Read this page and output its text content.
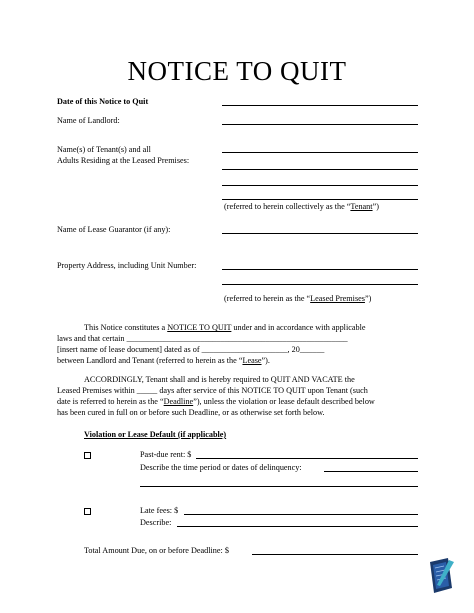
NOTICE TO QUIT
Date of this Notice to Quit
Name of Landlord:
Name(s) of Tenant(s) and all
Adults Residing at the Leased Premises:
(referred to herein collectively as the “Tenant”)
Name of Lease Guarantor (if any):
Property Address, including Unit Number:
(referred to herein as the “Leased Premises”)
This Notice constitutes a NOTICE TO QUIT under and in accordance with applicable
laws and that certain ______________________________________________________
[insert name of lease document] dated as of _____________________, 20______
between Landlord and Tenant (referred to herein as the “Lease”).
ACCORDINGLY, Tenant shall and is hereby required to QUIT AND VACATE the
Leased Premises within _____ days after service of this NOTICE TO QUIT upon Tenant (such
date is referred to herein as the “Deadline”), unless the violation or lease default described below
has been cured in full on or before such Deadline, or as otherwise set forth below.
Violation or Lease Default (if applicable)
Past-due rent: $
Describe the time period or dates of delinquency:
Late fees: $
Describe:
Total Amount Due, on or before Deadline: $
